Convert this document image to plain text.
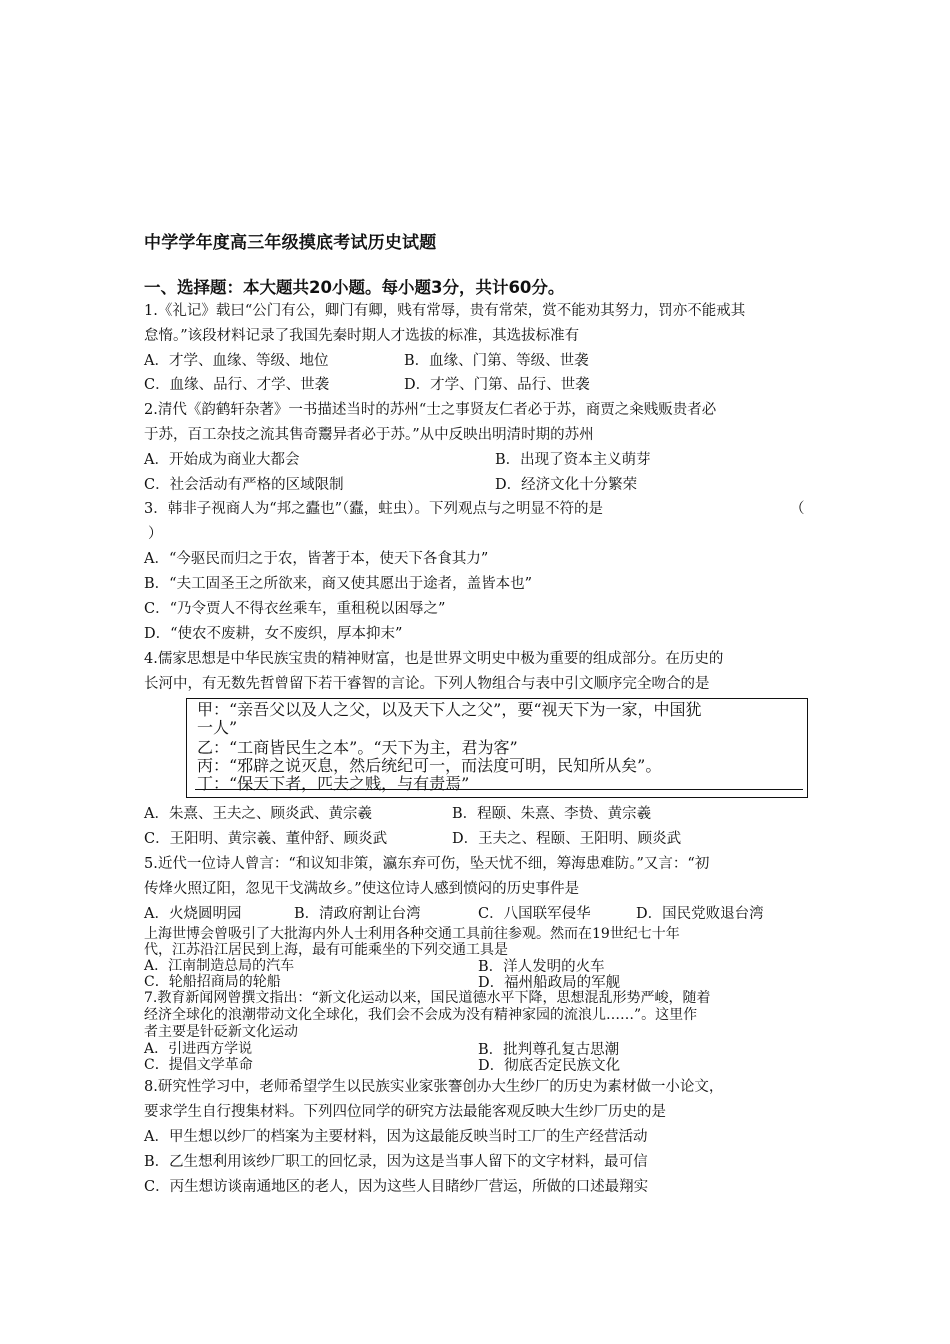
中学学年度高三年级摸底考试历史试题
一、选择题：本大题共20小题。每小题3分，共计60分。
1.《礼记》载曰“公门有公，卿门有卿，贱有常辱，贵有常荣，赏不能劝其努力，罚亦不能戒其
怠惰。”该段材料记录了我国先秦时期人才选拔的标准，其选拔标准有
A．才学、血缘、等级、地位	B．血缘、门第、等级、世袭
C．血缘、品行、才学、世袭	D．才学、门第、品行、世袭
2.清代《韵鹤轩杂著》一书描述当时的苏州“士之事贤友仁者必于苏，商贾之籴贱贩贵者必
于苏，百工杂技之流其售奇鬻异者必于苏。”从中反映出明清时期的苏州
A．开始成为商业大都会	B．出现了资本主义萌芽
C．社会活动有严格的区域限制	D．经济文化十分繁荣
3．韩非子视商人为“邦之蠹也”（蠹，蛀虫）。下列观点与之明显不符的是	（
）
A．“今驱民而归之于农，皆著于本，使天下各食其力”
B．“夫工固圣王之所欲来，商又使其愿出于途者，盖皆本也”
C．“乃令贾人不得衣丝乘车，重租税以困辱之”
D．“使农不废耕，女不废织，厚本抑末”
4.儒家思想是中华民族宝贵的精神财富，也是世界文明史中极为重要的组成部分。在历史的
长河中，有无数先哲曾留下若干睿智的言论。下列人物组合与表中引文顺序完全吻合的是
甲：“亲吾父以及人之父，以及天下人之父”，要“视天下为一家，中国犹
一人”
乙：“工商皆民生之本”。“天下为主，君为客”
丙：“邪辟之说灭息，然后统纪可一，而法度可明，民知所从矣”。
丁：“保天下者，匹夫之贱，与有责焉”
A．朱熹、王夫之、顾炎武、黄宗羲	B．程颐、朱熹、李贽、黄宗羲
C．王阳明、黄宗羲、董仲舒、顾炎武	D．王夫之、程颐、王阳明、顾炎武
5.近代一位诗人曾言：“和议知非策，瀛东弃可伤，坠天忧不细，筹海患难防。”又言：“初
传烽火照辽阳，忽见干戈满故乡。”使这位诗人感到愤闷的历史事件是
A．火烧圆明园	B．清政府割让台湾	C．八国联军侵华	D．国民党败退台湾
上海世博会曾吸引了大批海内外人士利用各种交通工具前往参观。然而在19世纪七十年
代，江苏沿江居民到上海，最有可能乘坐的下列交通工具是
A．江南制造总局的汽车	B．洋人发明的火车
C．轮船招商局的轮船	D．福州船政局的军舰
7.教育新闻网曾撰文指出：“新文化运动以来，国民道德水平下降，思想混乱形势严峻，随着
经济全球化的浪潮带动文化全球化，我们会不会成为没有精神家园的流浪儿……”。这里作
者主要是针砭新文化运动
A．引进西方学说	B．批判尊孔复古思潮
C．提倡文学革命	D．彻底否定民族文化
8.研究性学习中，老师希望学生以民族实业家张謇创办大生纱厂的历史为素材做一小论文，
要求学生自行搜集材料。下列四位同学的研究方法最能客观反映大生纱厂历史的是
A．甲生想以纱厂的档案为主要材料，因为这最能反映当时工厂的生产经营活动
B．乙生想利用该纱厂职工的回忆录，因为这是当事人留下的文字材料，最可信
C．丙生想访谈南通地区的老人，因为这些人目睹纱厂营运，所做的口述最翔实
